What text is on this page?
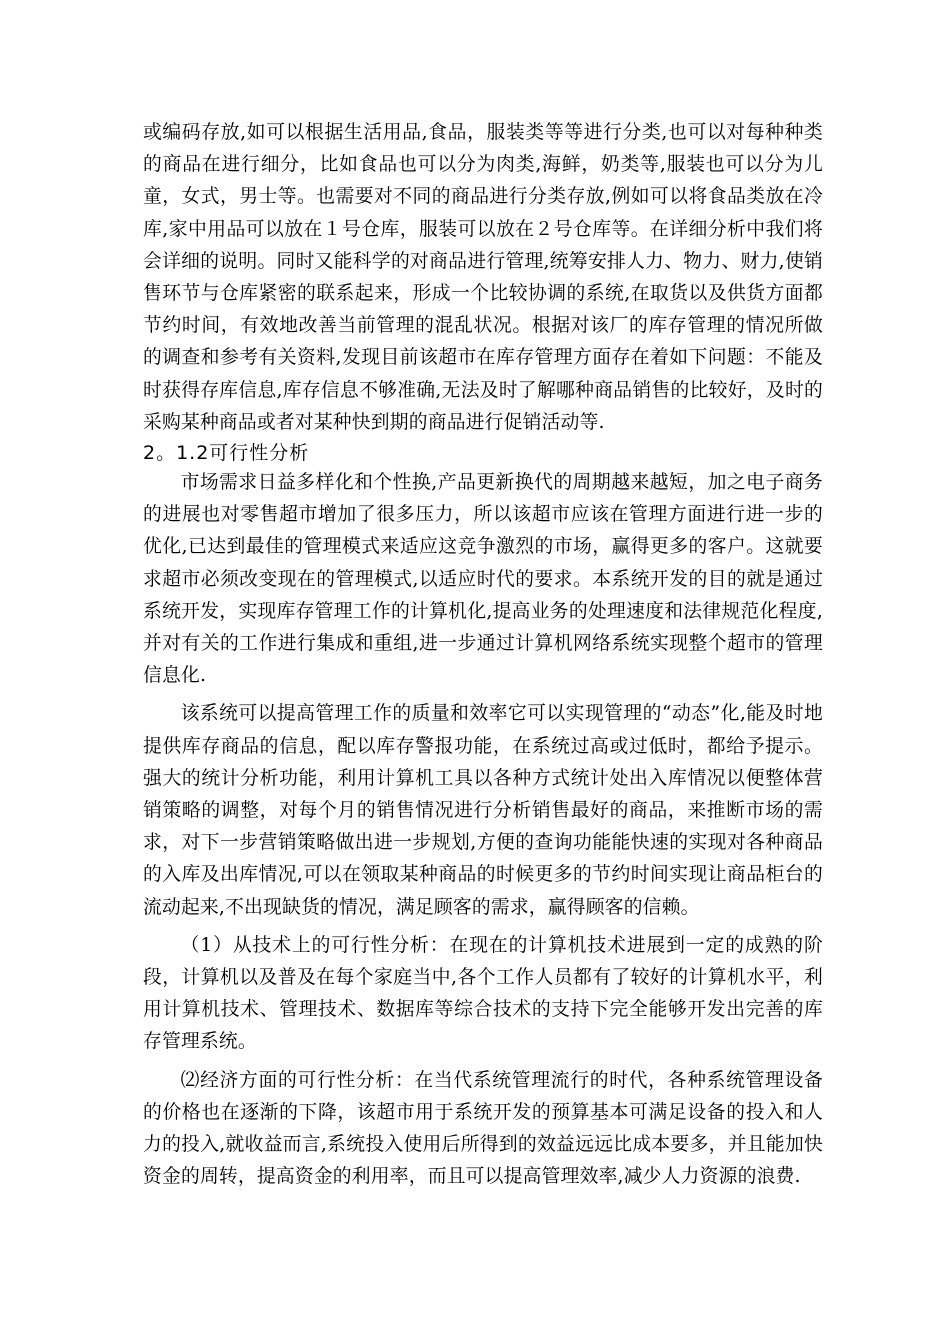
或编码存放,如可以根据生活用品,食品，服装类等等进行分类,也可以对每种种类的商品在进行细分，比如食品也可以分为肉类,海鲜，奶类等,服装也可以分为儿童，女式，男士等。也需要对不同的商品进行分类存放,例如可以将食品类放在冷库,家中用品可以放在１号仓库，服装可以放在２号仓库等。在详细分析中我们将会详细的说明。同时又能科学的对商品进行管理,统筹安排人力、物力、财力,使销售环节与仓库紧密的联系起来，形成一个比较协调的系统,在取货以及供货方面都节约时间，有效地改善当前管理的混乱状况。根据对该厂的库存管理的情况所做的调查和参考有关资料,发现目前该超市在库存管理方面存在着如下问题：不能及时获得存库信息,库存信息不够准确,无法及时了解哪种商品销售的比较好，及时的采购某种商品或者对某种快到期的商品进行促销活动等.

2。1.2可行性分析

市场需求日益多样化和个性换,产品更新换代的周期越来越短，加之电子商务的进展也对零售超市增加了很多压力，所以该超市应该在管理方面进行进一步的优化,已达到最佳的管理模式来适应这竞争激烈的市场，赢得更多的客户。这就要求超市必须改变现在的管理模式,以适应时代的要求。本系统开发的目的就是通过系统开发，实现库存管理工作的计算机化,提高业务的处理速度和法律规范化程度,并对有关的工作进行集成和重组,进一步通过计算机网络系统实现整个超市的管理信息化.

该系统可以提高管理工作的质量和效率它可以实现管理的“动态”化,能及时地提供库存商品的信息，配以库存警报功能，在系统过高或过低时，都给予提示。强大的统计分析功能，利用计算机工具以各种方式统计处出入库情况以便整体营销策略的调整，对每个月的销售情况进行分析销售最好的商品，来推断市场的需求，对下一步营销策略做出进一步规划,方便的查询功能能快速的实现对各种商品的入库及出库情况,可以在领取某种商品的时候更多的节约时间实现让商品柜台的流动起来,不出现缺货的情况，满足顾客的需求，赢得顾客的信赖。

（1）从技术上的可行性分析：在现在的计算机技术进展到一定的成熟的阶段，计算机以及普及在每个家庭当中,各个工作人员都有了较好的计算机水平，利用计算机技术、管理技术、数据库等综合技术的支持下完全能够开发出完善的库存管理系统。

⑵经济方面的可行性分析：在当代系统管理流行的时代，各种系统管理设备的价格也在逐渐的下降，该超市用于系统开发的预算基本可满足设备的投入和人力的投入,就收益而言,系统投入使用后所得到的效益远远比成本要多，并且能加快资金的周转，提高资金的利用率，而且可以提高管理效率,减少人力资源的浪费.
